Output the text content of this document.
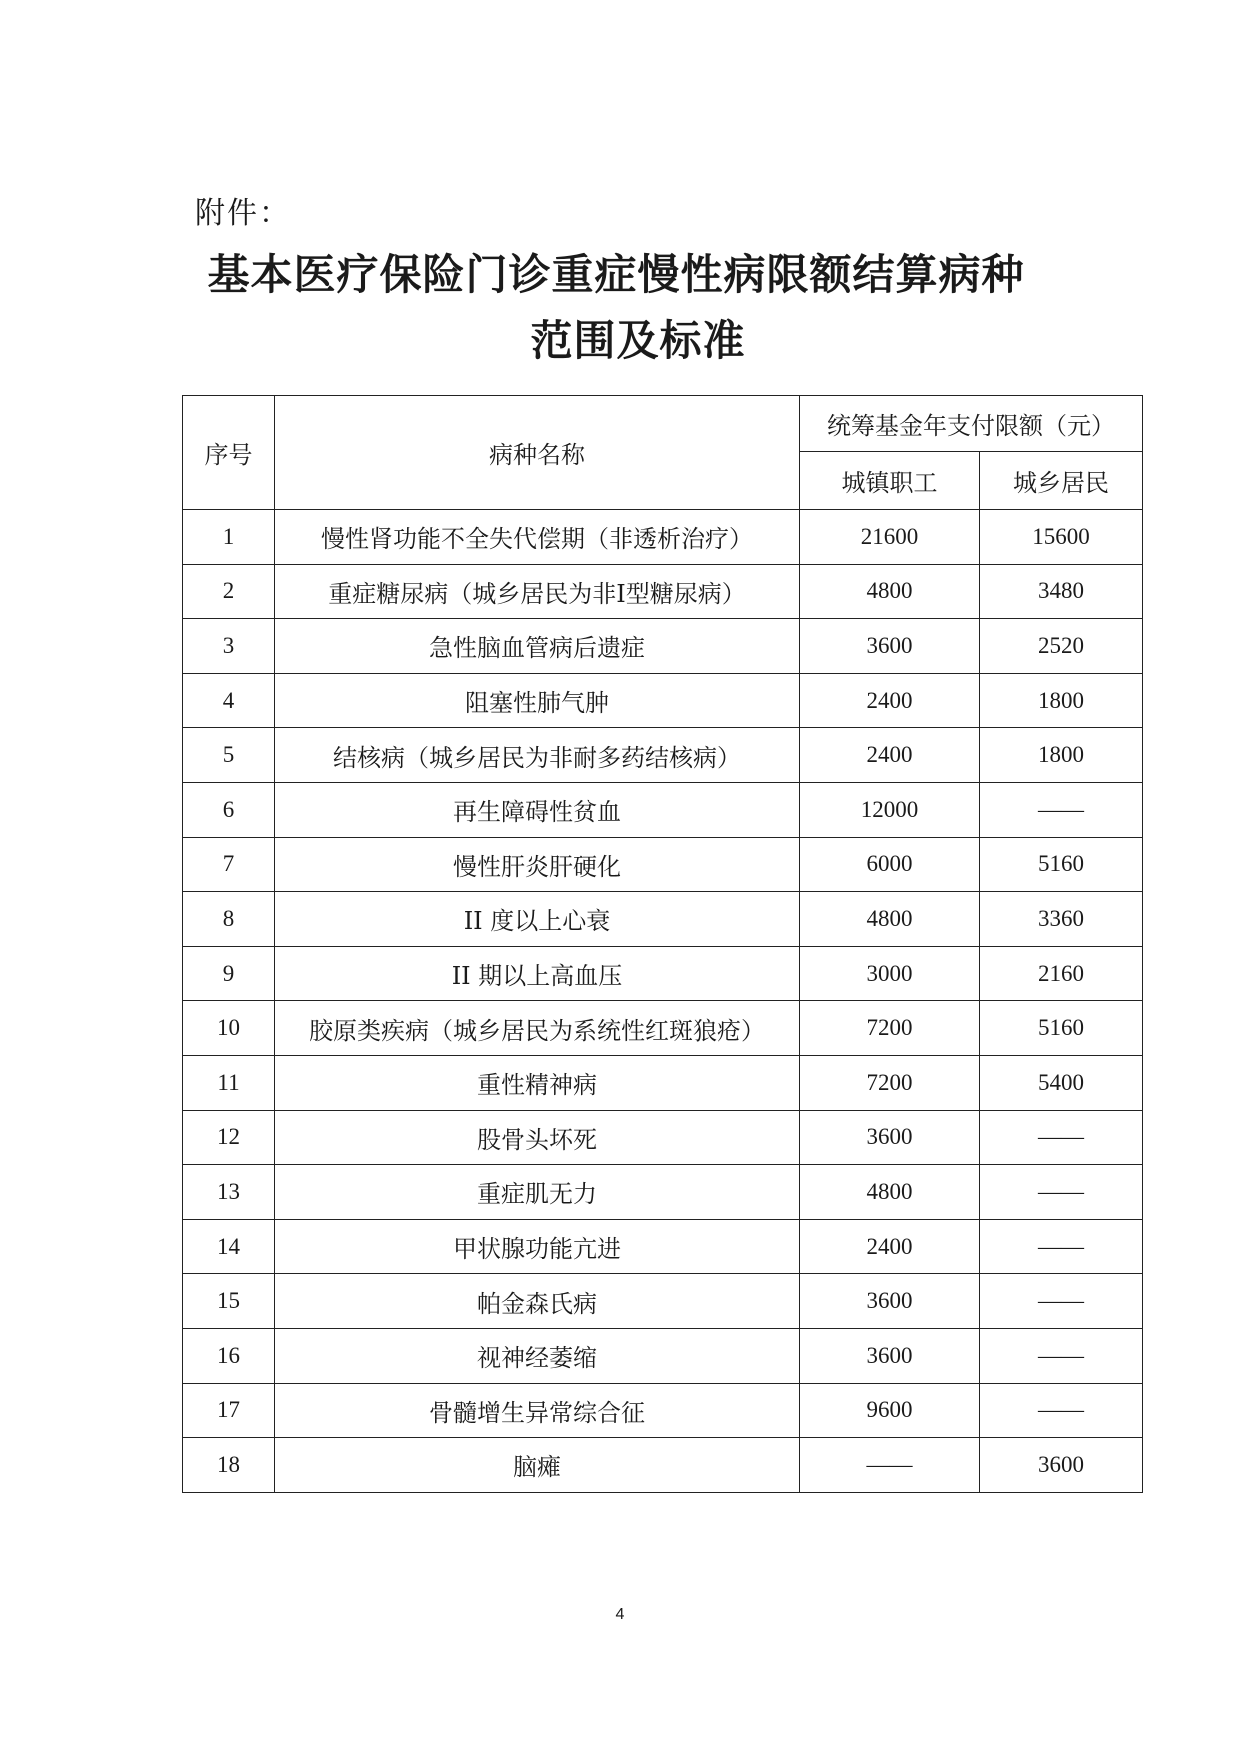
附件：
基本医疗保险门诊重症慢性病限额结算病种
范围及标准
序号	病种名称	统筹基金年支付限额（元）	
		城镇职工	城乡居民
1	慢性肾功能不全失代偿期（非透析治疗）	21600	15600
2	重症糖尿病（城乡居民为非Ⅰ型糖尿病）	4800	3480
3	急性脑血管病后遗症	3600	2520
4	阻塞性肺气肿	2400	1800
5	结核病（城乡居民为非耐多药结核病）	2400	1800
6	再生障碍性贫血	12000	——
7	慢性肝炎肝硬化	6000	5160
8	II 度以上心衰	4800	3360
9	II 期以上高血压	3000	2160
10	胶原类疾病（城乡居民为系统性红斑狼疮）	7200	5160
11	重性精神病	7200	5400
12	股骨头坏死	3600	——
13	重症肌无力	4800	——
14	甲状腺功能亢进	2400	——
15	帕金森氏病	3600	——
16	视神经萎缩	3600	——
17	骨髓增生异常综合征	9600	——
18	脑瘫	——	3600
4
